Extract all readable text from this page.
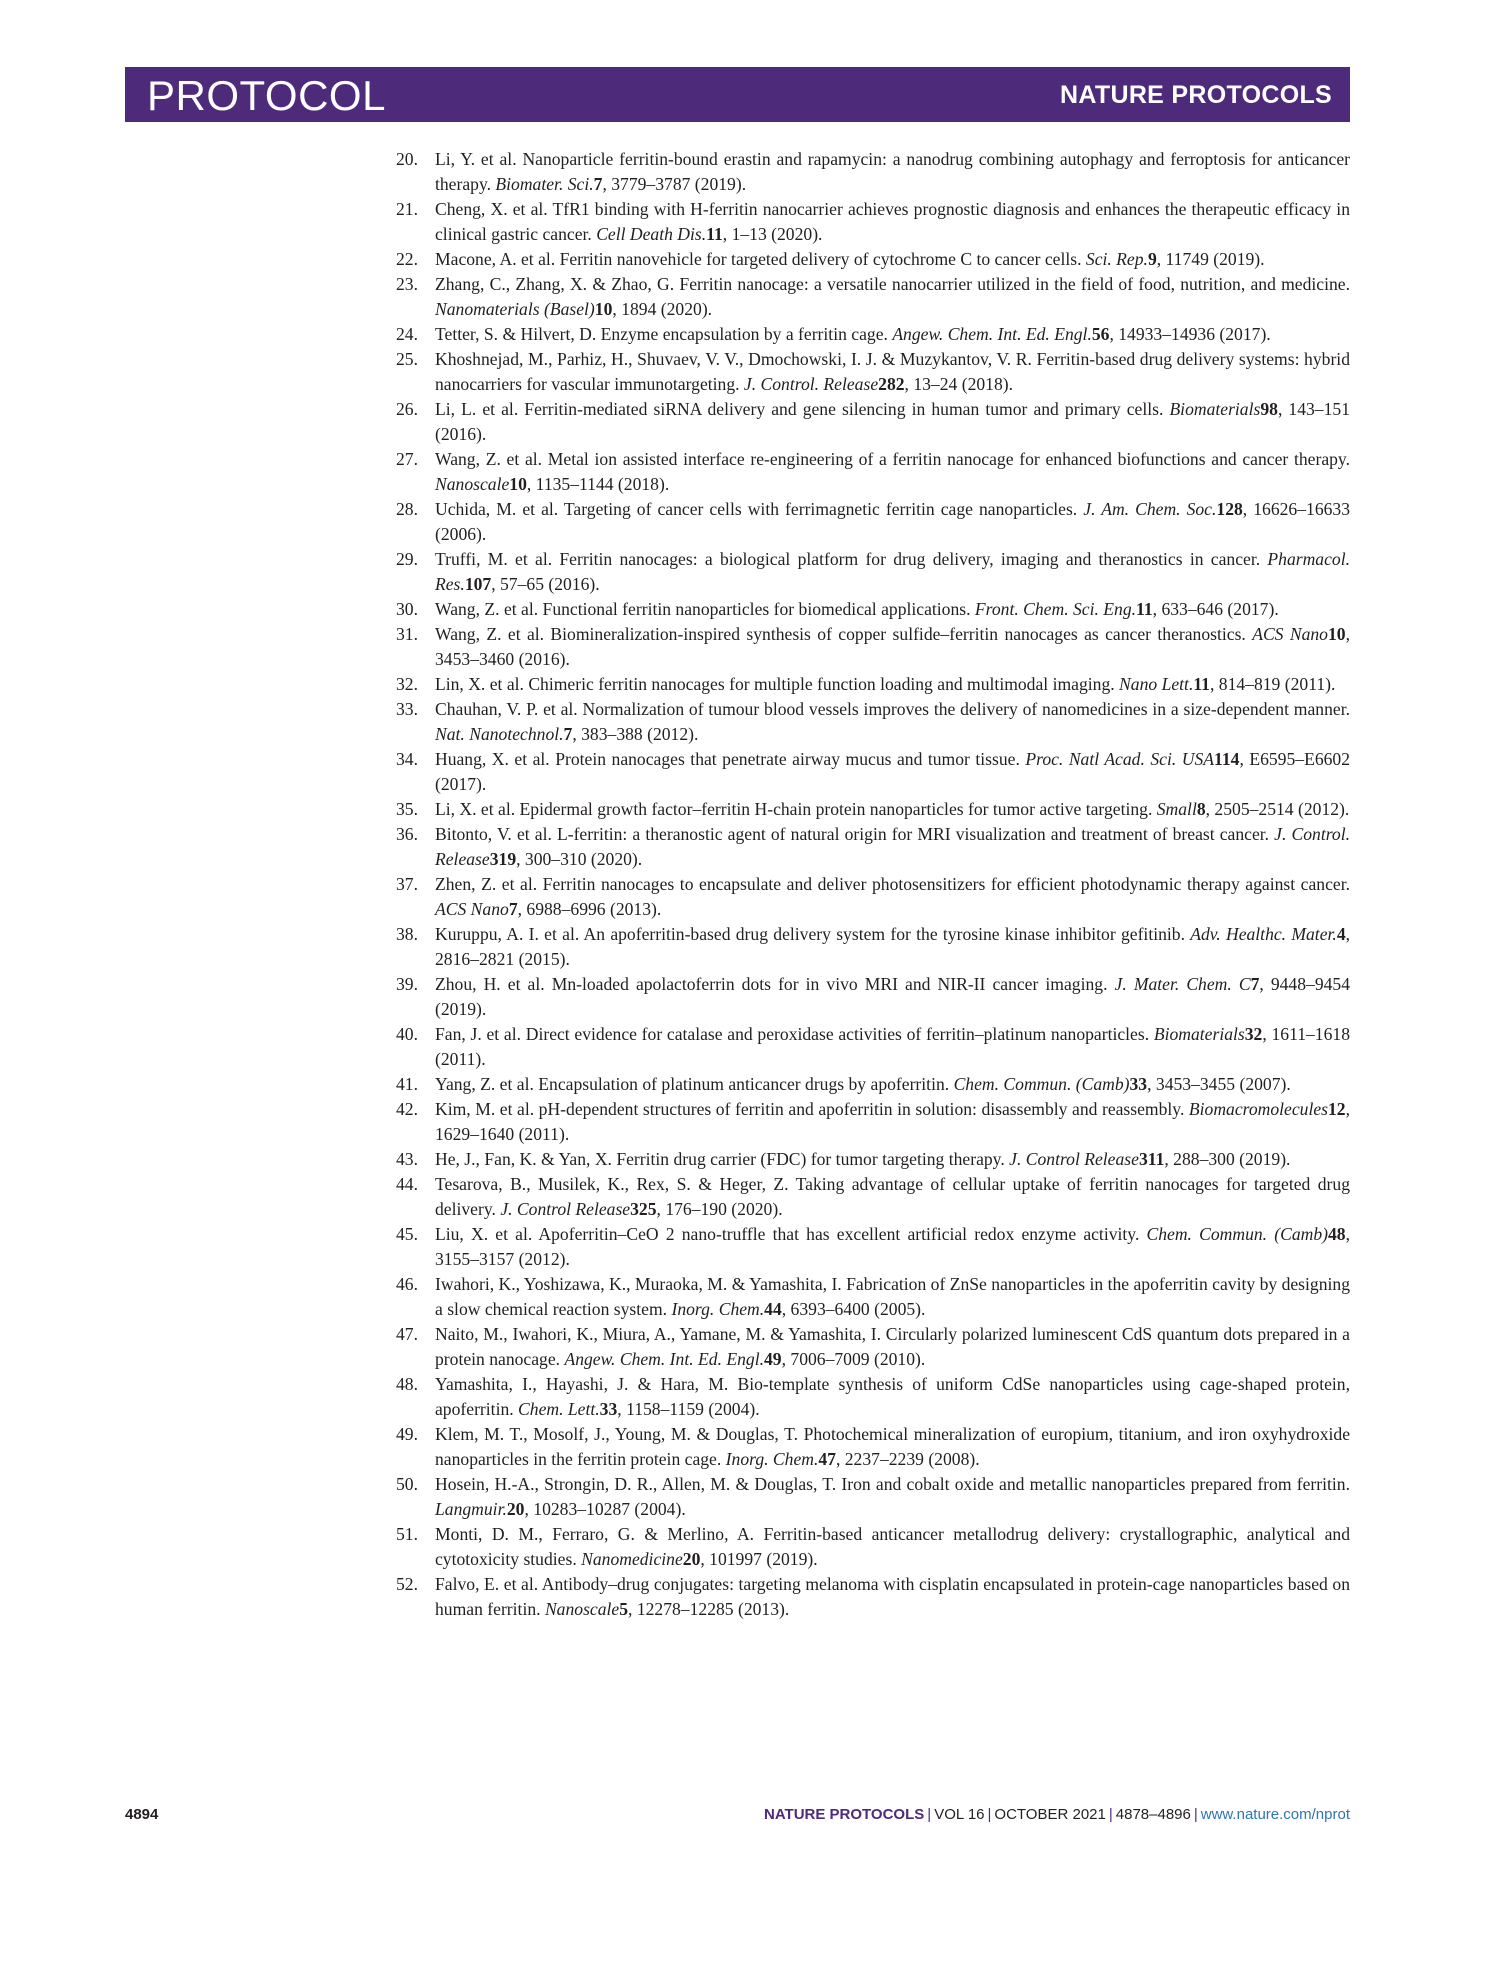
PROTOCOL	NATURE PROTOCOLS
20. Li, Y. et al. Nanoparticle ferritin-bound erastin and rapamycin: a nanodrug combining autophagy and ferroptosis for anticancer therapy. Biomater. Sci.7, 3779–3787 (2019).
21. Cheng, X. et al. TfR1 binding with H-ferritin nanocarrier achieves prognostic diagnosis and enhances the therapeutic efficacy in clinical gastric cancer. Cell Death Dis.11, 1–13 (2020).
22. Macone, A. et al. Ferritin nanovehicle for targeted delivery of cytochrome C to cancer cells. Sci. Rep.9, 11749 (2019).
23. Zhang, C., Zhang, X. & Zhao, G. Ferritin nanocage: a versatile nanocarrier utilized in the field of food, nutrition, and medicine. Nanomaterials (Basel)10, 1894 (2020).
24. Tetter, S. & Hilvert, D. Enzyme encapsulation by a ferritin cage. Angew. Chem. Int. Ed. Engl.56, 14933–14936 (2017).
25. Khoshnejad, M., Parhiz, H., Shuvaev, V. V., Dmochowski, I. J. & Muzykantov, V. R. Ferritin-based drug delivery systems: hybrid nanocarriers for vascular immunotargeting. J. Control. Release282, 13–24 (2018).
26. Li, L. et al. Ferritin-mediated siRNA delivery and gene silencing in human tumor and primary cells. Biomaterials98, 143–151 (2016).
27. Wang, Z. et al. Metal ion assisted interface re-engineering of a ferritin nanocage for enhanced biofunctions and cancer therapy. Nanoscale10, 1135–1144 (2018).
28. Uchida, M. et al. Targeting of cancer cells with ferrimagnetic ferritin cage nanoparticles. J. Am. Chem. Soc.128, 16626–16633 (2006).
29. Truffi, M. et al. Ferritin nanocages: a biological platform for drug delivery, imaging and theranostics in cancer. Pharmacol. Res.107, 57–65 (2016).
30. Wang, Z. et al. Functional ferritin nanoparticles for biomedical applications. Front. Chem. Sci. Eng.11, 633–646 (2017).
31. Wang, Z. et al. Biomineralization-inspired synthesis of copper sulfide–ferritin nanocages as cancer theranostics. ACS Nano10, 3453–3460 (2016).
32. Lin, X. et al. Chimeric ferritin nanocages for multiple function loading and multimodal imaging. Nano Lett.11, 814–819 (2011).
33. Chauhan, V. P. et al. Normalization of tumour blood vessels improves the delivery of nanomedicines in a size-dependent manner. Nat. Nanotechnol.7, 383–388 (2012).
34. Huang, X. et al. Protein nanocages that penetrate airway mucus and tumor tissue. Proc. Natl Acad. Sci. USA114, E6595–E6602 (2017).
35. Li, X. et al. Epidermal growth factor–ferritin H-chain protein nanoparticles for tumor active targeting. Small8, 2505–2514 (2012).
36. Bitonto, V. et al. L-ferritin: a theranostic agent of natural origin for MRI visualization and treatment of breast cancer. J. Control. Release319, 300–310 (2020).
37. Zhen, Z. et al. Ferritin nanocages to encapsulate and deliver photosensitizers for efficient photodynamic therapy against cancer. ACS Nano7, 6988–6996 (2013).
38. Kuruppu, A. I. et al. An apoferritin-based drug delivery system for the tyrosine kinase inhibitor gefitinib. Adv. Healthc. Mater.4, 2816–2821 (2015).
39. Zhou, H. et al. Mn-loaded apolactoferrin dots for in vivo MRI and NIR-II cancer imaging. J. Mater. Chem. C7, 9448–9454 (2019).
40. Fan, J. et al. Direct evidence for catalase and peroxidase activities of ferritin–platinum nanoparticles. Biomaterials32, 1611–1618 (2011).
41. Yang, Z. et al. Encapsulation of platinum anticancer drugs by apoferritin. Chem. Commun. (Camb)33, 3453–3455 (2007).
42. Kim, M. et al. pH-dependent structures of ferritin and apoferritin in solution: disassembly and reassembly. Biomacromolecules12, 1629–1640 (2011).
43. He, J., Fan, K. & Yan, X. Ferritin drug carrier (FDC) for tumor targeting therapy. J. Control Release311, 288–300 (2019).
44. Tesarova, B., Musilek, K., Rex, S. & Heger, Z. Taking advantage of cellular uptake of ferritin nanocages for targeted drug delivery. J. Control Release325, 176–190 (2020).
45. Liu, X. et al. Apoferritin–CeO 2 nano-truffle that has excellent artificial redox enzyme activity. Chem. Commun. (Camb)48, 3155–3157 (2012).
46. Iwahori, K., Yoshizawa, K., Muraoka, M. & Yamashita, I. Fabrication of ZnSe nanoparticles in the apoferritin cavity by designing a slow chemical reaction system. Inorg. Chem.44, 6393–6400 (2005).
47. Naito, M., Iwahori, K., Miura, A., Yamane, M. & Yamashita, I. Circularly polarized luminescent CdS quantum dots prepared in a protein nanocage. Angew. Chem. Int. Ed. Engl.49, 7006–7009 (2010).
48. Yamashita, I., Hayashi, J. & Hara, M. Bio-template synthesis of uniform CdSe nanoparticles using cage-shaped protein, apoferritin. Chem. Lett.33, 1158–1159 (2004).
49. Klem, M. T., Mosolf, J., Young, M. & Douglas, T. Photochemical mineralization of europium, titanium, and iron oxyhydroxide nanoparticles in the ferritin protein cage. Inorg. Chem.47, 2237–2239 (2008).
50. Hosein, H.-A., Strongin, D. R., Allen, M. & Douglas, T. Iron and cobalt oxide and metallic nanoparticles prepared from ferritin. Langmuir.20, 10283–10287 (2004).
51. Monti, D. M., Ferraro, G. & Merlino, A. Ferritin-based anticancer metallodrug delivery: crystallographic, analytical and cytotoxicity studies. Nanomedicine20, 101997 (2019).
52. Falvo, E. et al. Antibody–drug conjugates: targeting melanoma with cisplatin encapsulated in protein-cage nanoparticles based on human ferritin. Nanoscale5, 12278–12285 (2013).
4894	NATURE PROTOCOLS | VOL 16 | OCTOBER 2021 | 4878–4896 | www.nature.com/nprot
